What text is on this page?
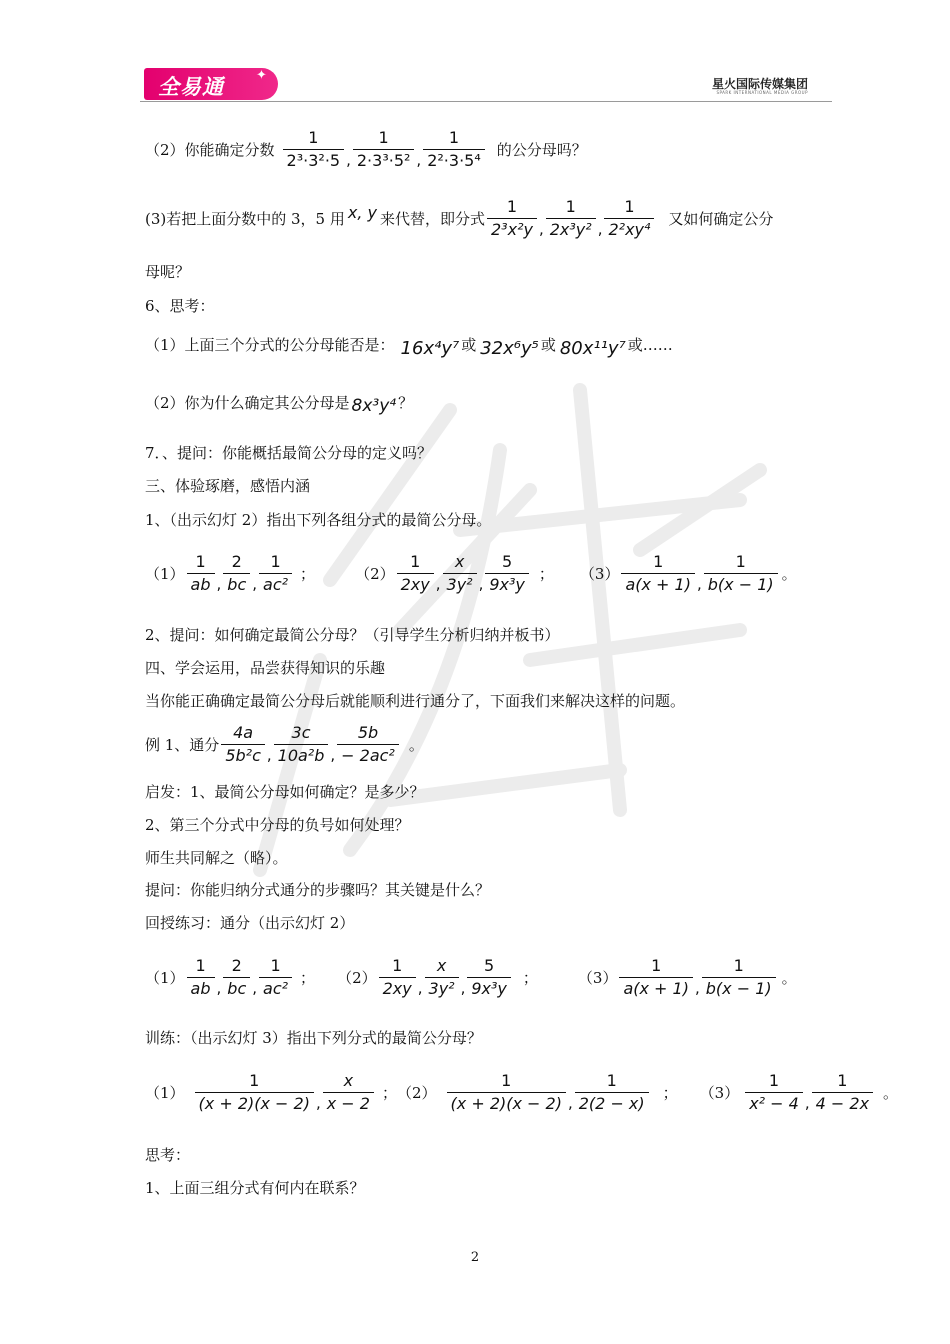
全易通 ✦
星火国际传媒集团
SPARK INTERNATIONAL MEDIA GROUP
（2）你能确定分数 $\frac{1}{\text{2³·3²·5}}$ , $\frac{1}{\text{2·3³·5²}}$ , $\frac{1}{\text{2²·3·5⁴}}$ 的公分母吗？
(3)若把上面分数中的 3，5 用 x, y 来代替，即分式 $\frac{1}{\text{2³x²y}}$ , $\frac{1}{\text{2x³y²}}$ , $\frac{1}{\text{2²xy⁴}}$ 又如何确定公分
母呢？
6、思考：
（1）上面三个分式的公分母能否是： 16x⁴y⁷ 或 32x⁶y⁵ 或 80x¹¹y⁷ 或……
（2）你为什么确定其公分母是 8x³y⁴ ？
7．、提问：你能概括最简公分母的定义吗？
三、体验琢磨，感悟内涵
1、（出示幻灯 2）指出下列各组分式的最简公分母。
$(1) \frac{1}{ab}$ , $\frac{2}{bc}$ , $\frac{1}{\text{ac²}}$ ；	$(2) \frac{1}{2xy}$ , $\frac{x}{\text{3y²}}$ , $\frac{5}{\text{9x³y}}$ ； $(3) \frac{1}{a(x + 1)}$ , $\frac{1}{b(x - 1)}$ 。
2、提问：如何确定最简公分母？（引导学生分析归纳并板书）
四、学会运用，品尝获得知识的乐趣
当你能正确确定最简公分母后就能顺利进行通分了，下面我们来解决这样的问题。
例 1、通分 $\frac{4a}{\text{5b²c}}$ , $\frac{3c}{\text{10a²b}}$ , $\frac{5b}{\text{− 2ac²}}$ 。
启发：1、最简公分母如何确定？是多少？
2、第三个分式中分母的负号如何处理？
师生共同解之（略）。
提问：你能归纳分式通分的步骤吗？其关键是什么？
回授练习：通分（出示幻灯 2）
$(1) \frac{1}{ab}$ , $\frac{2}{bc}$ , $\frac{1}{\text{ac²}}$ ； $(2) \frac{1}{2xy}$ , $\frac{x}{\text{3y²}}$ , $\frac{5}{\text{9x³y}}$ ；	$(3) \frac{1}{a(x + 1)}$ , $\frac{1}{b(x - 1)}$ 。
训练：（出示幻灯 3）指出下列分式的最简公分母？
$(1) \frac{1}{(x + 2)(x - 2)}$ , $\frac{x}{x - 2}$ ； $(2) \frac{1}{(x + 2)(x - 2)}$ , $\frac{1}{2(2 - x)}$ ； $(3) \frac{1}{\text{x² − 4}}$ , $\frac{1}{4 - 2x}$ 。
思考：
1、上面三组分式有何内在联系？
2
